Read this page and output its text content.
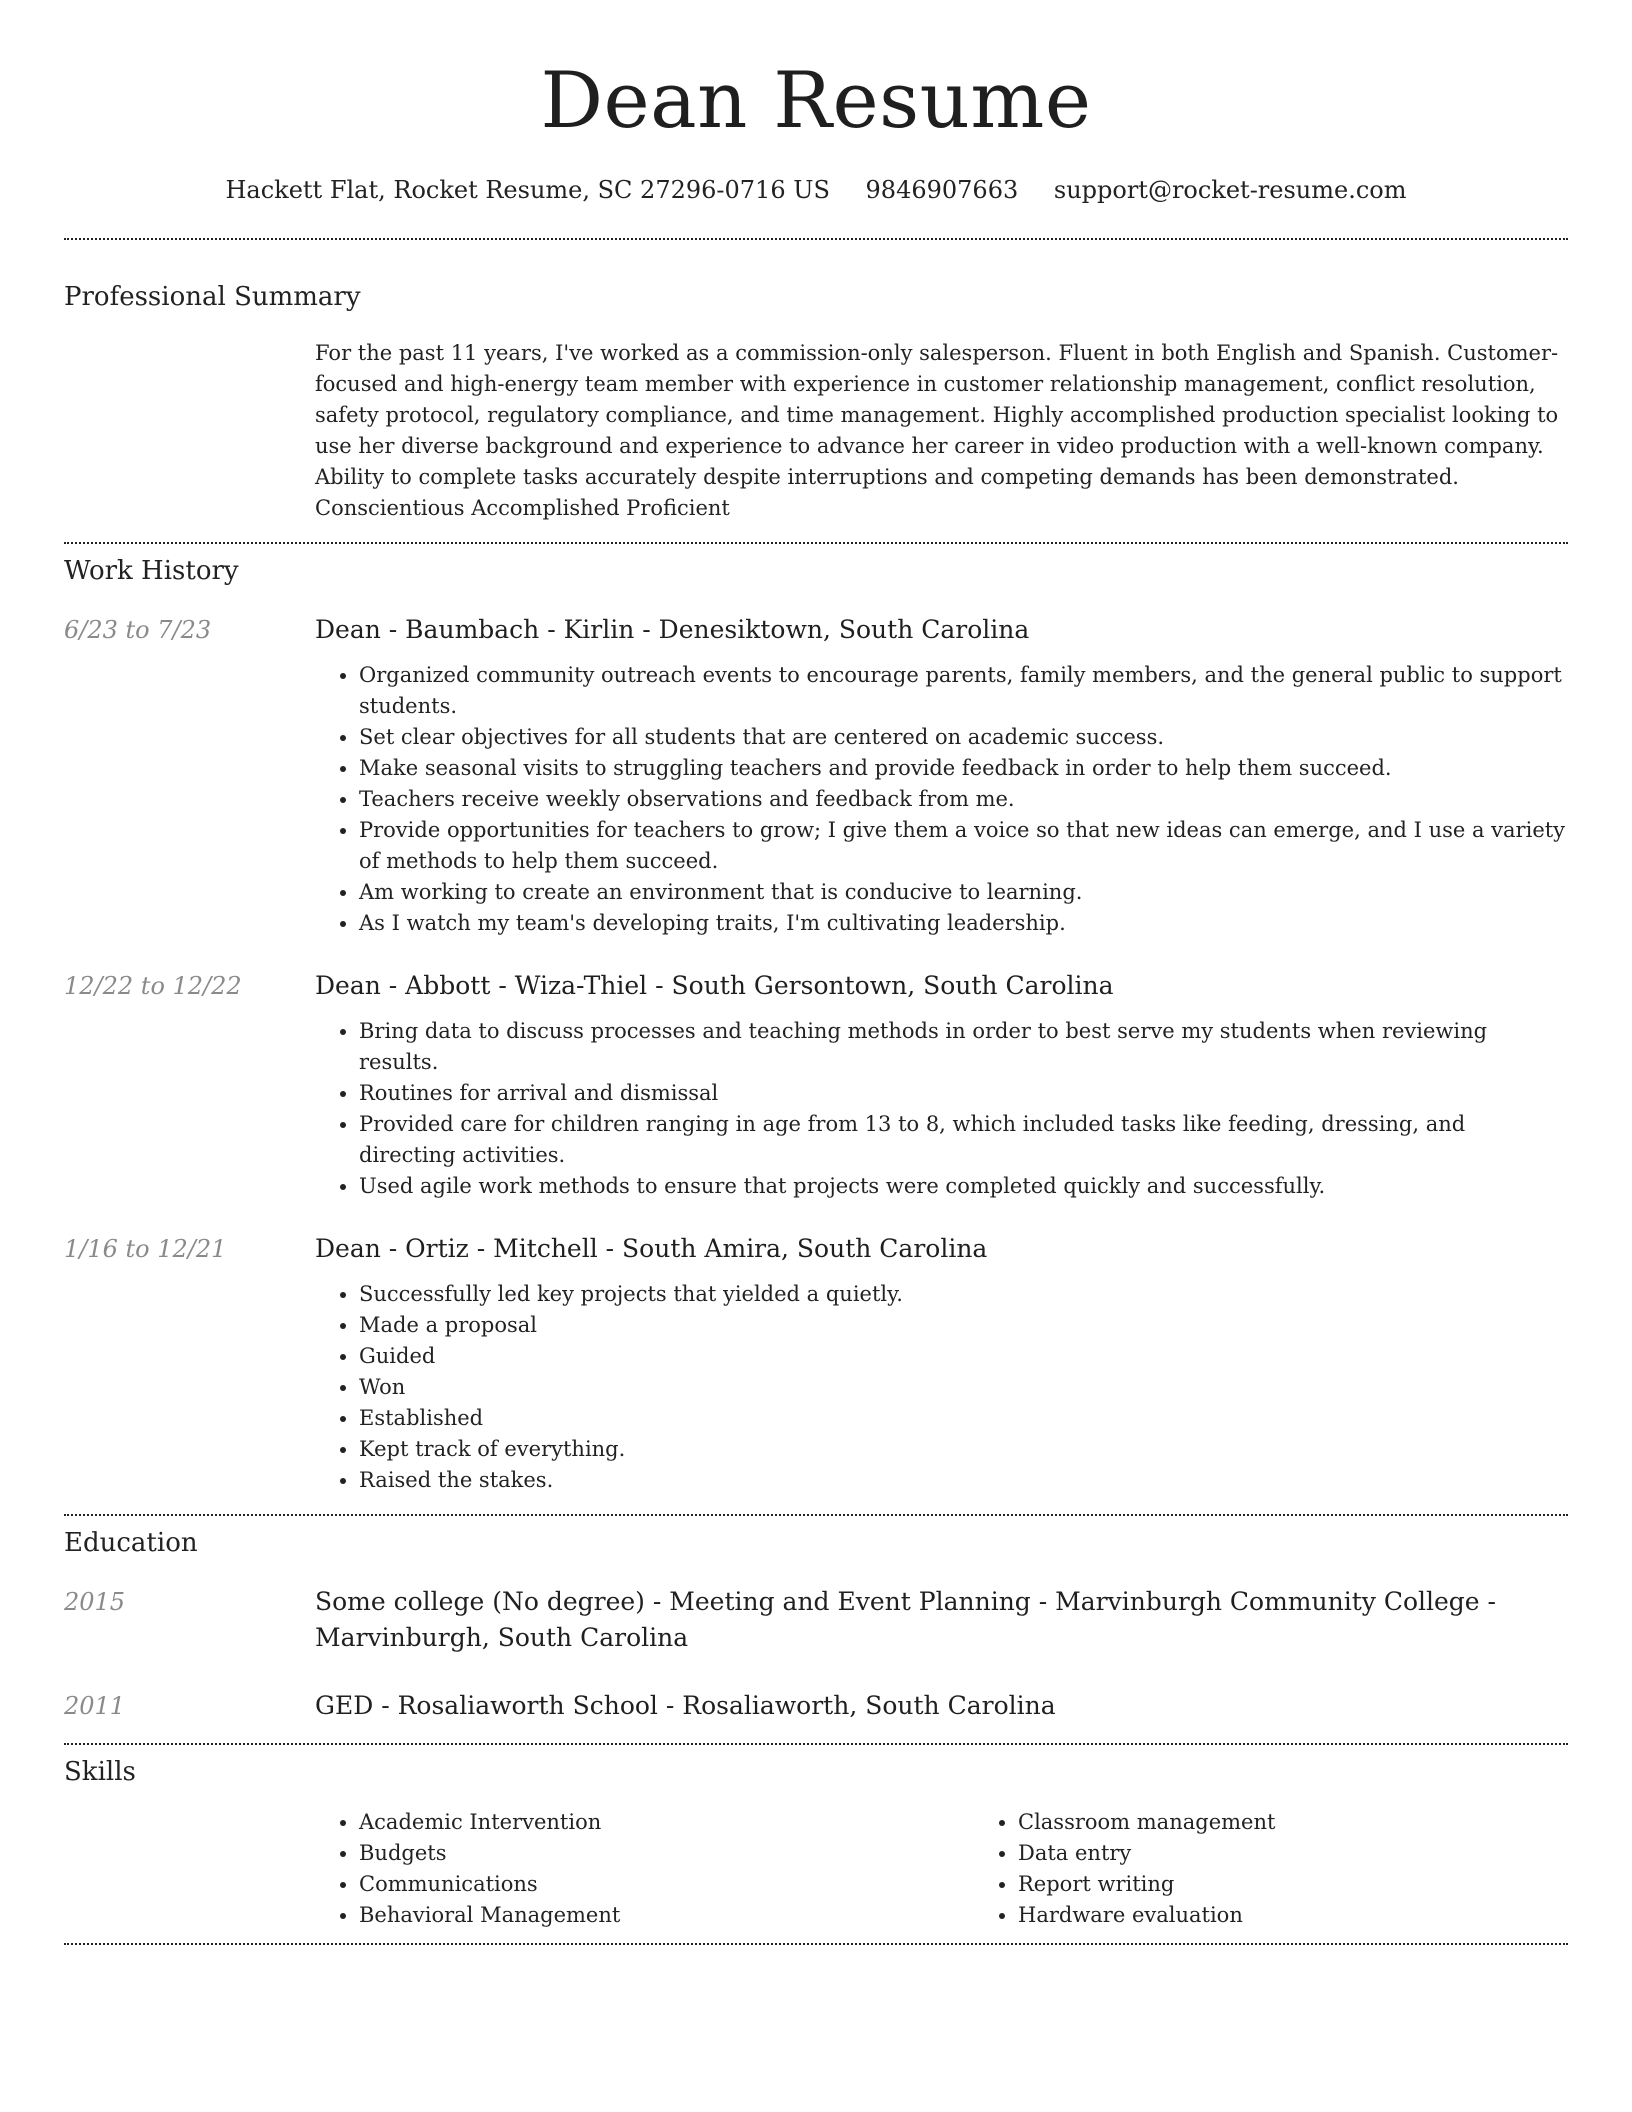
Dean Resume
Hackett Flat, Rocket Resume, SC 27296-0716 US 9846907663 support@rocket-resume.com
Professional Summary
For the past 11 years, I've worked as a commission-only salesperson. Fluent in both English and Spanish. Customer-focused and high-energy team member with experience in customer relationship management, conflict resolution, safety protocol, regulatory compliance, and time management. Highly accomplished production specialist looking to use her diverse background and experience to advance her career in video production with a well-known company. Ability to complete tasks accurately despite interruptions and competing demands has been demonstrated. Conscientious Accomplished Proficient
Work History
6/23 to 7/23	Dean - Baumbach - Kirlin - Denesiktown, South Carolina
• Organized community outreach events to encourage parents, family members, and the general public to support students.
• Set clear objectives for all students that are centered on academic success.
• Make seasonal visits to struggling teachers and provide feedback in order to help them succeed.
• Teachers receive weekly observations and feedback from me.
• Provide opportunities for teachers to grow; I give them a voice so that new ideas can emerge, and I use a variety of methods to help them succeed.
• Am working to create an environment that is conducive to learning.
• As I watch my team's developing traits, I'm cultivating leadership.
12/22 to 12/22	Dean - Abbott - Wiza-Thiel - South Gersontown, South Carolina
• Bring data to discuss processes and teaching methods in order to best serve my students when reviewing results.
• Routines for arrival and dismissal
• Provided care for children ranging in age from 13 to 8, which included tasks like feeding, dressing, and directing activities.
• Used agile work methods to ensure that projects were completed quickly and successfully.
1/16 to 12/21	Dean - Ortiz - Mitchell - South Amira, South Carolina
• Successfully led key projects that yielded a quietly.
• Made a proposal
• Guided
• Won
• Established
• Kept track of everything.
• Raised the stakes.
Education
2015	Some college (No degree) - Meeting and Event Planning - Marvinburgh Community College - Marvinburgh, South Carolina
2011	GED - Rosaliaworth School - Rosaliaworth, South Carolina
Skills
• Academic Intervention
• Budgets
• Communications
• Behavioral Management
• Classroom management
• Data entry
• Report writing
• Hardware evaluation
